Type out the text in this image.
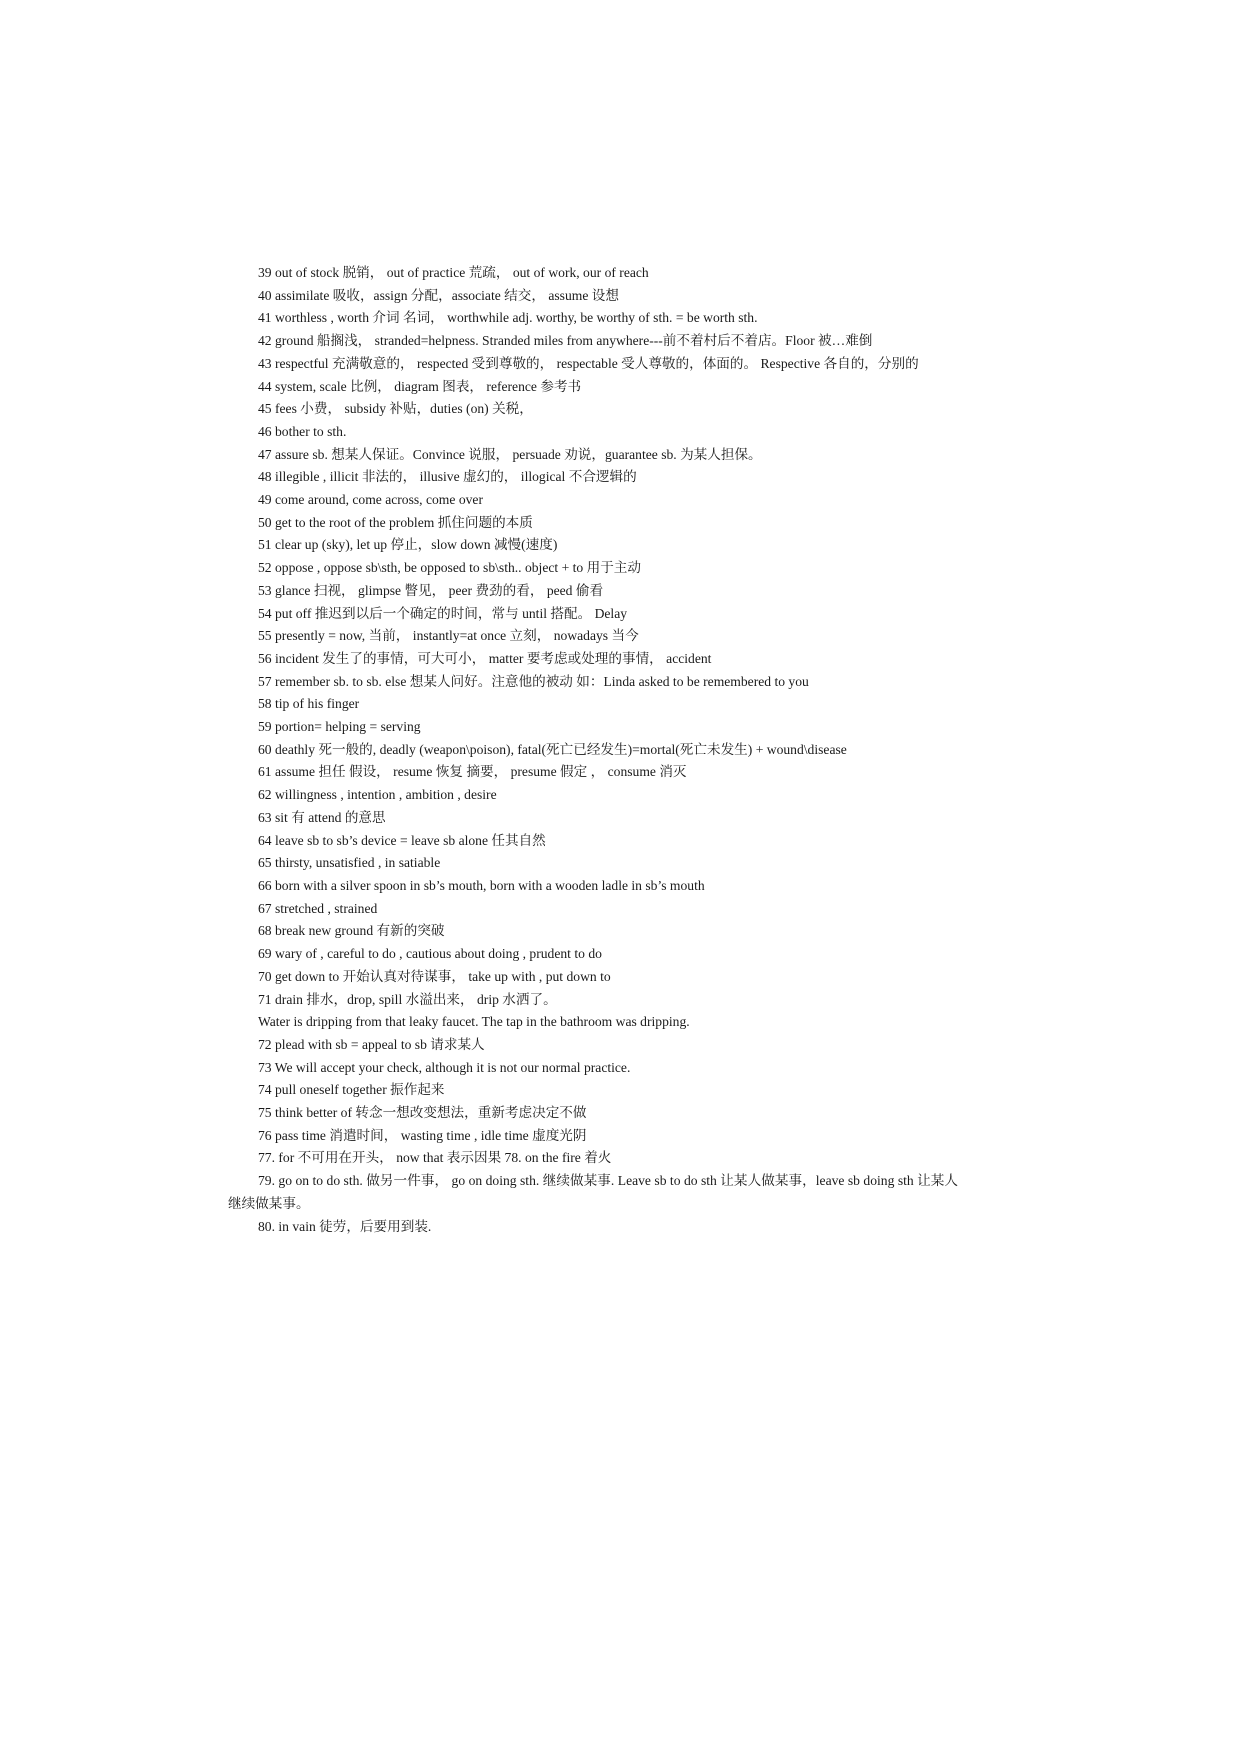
39 out of stock 脱销， out of practice 荒疏， out of work, our of reach

40 assimilate 吸收，assign 分配，associate 结交， assume 设想

41 worthless , worth 介词 名词， worthwhile adj. worthy, be worthy of sth. = be worth sth.

42 ground 船搁浅， stranded=helpness. Stranded miles from anywhere---前不着村后不着店。Floor 被…难倒

43 respectful 充满敬意的， respected 受到尊敬的， respectable 受人尊敬的，体面的。 Respective 各自的，分别的

44 system, scale 比例， diagram 图表， reference 参考书

45 fees 小费， subsidy 补贴，duties (on) 关税，

46 bother to sth.

47 assure sb. 想某人保证。Convince 说服， persuade 劝说，guarantee sb. 为某人担保。

48 illegible , illicit 非法的， illusive 虚幻的， illogical 不合逻辑的

49 come around, come across, come over

50 get to the root of the problem 抓住问题的本质

51 clear up (sky), let up 停止，slow down 减慢(速度)

52 oppose , oppose sb\sth, be opposed to sb\sth.. object + to 用于主动

53 glance 扫视， glimpse 瞥见， peer 费劲的看， peed 偷看

54 put off 推迟到以后一个确定的时间，常与 until 搭配。 Delay

55 presently = now, 当前， instantly=at once 立刻， nowadays 当今

56 incident 发生了的事情，可大可小， matter 要考虑或处理的事情， accident

57 remember sb. to sb. else 想某人问好。注意他的被动 如：Linda asked to be remembered to you

58 tip of his finger

59 portion= helping = serving

60 deathly 死一般的, deadly (weapon\poison), fatal(死亡已经发生)=mortal(死亡未发生) + wound\disease

61 assume 担任 假设， resume 恢复 摘要， presume 假定 ， consume 消灭

62 willingness , intention , ambition , desire

63 sit 有 attend 的意思

64 leave sb to sb’s device = leave sb alone 任其自然

65 thirsty, unsatisfied , in satiable

66 born with a silver spoon in sb’s mouth, born with a wooden ladle in sb’s mouth

67 stretched , strained

68 break new ground 有新的突破

69 wary of , careful to do , cautious about doing , prudent to do

70 get down to 开始认真对待谋事， take up with , put down to

71 drain 排水，drop, spill 水溢出来， drip 水洒了。

Water is dripping from that leaky faucet. The tap in the bathroom was dripping.

72 plead with sb = appeal to sb 请求某人

73 We will accept your check, although it is not our normal practice.

74 pull oneself together 振作起来

75 think better of 转念一想改变想法，重新考虑决定不做

76 pass time 消遣时间， wasting time , idle time 虚度光阴

77. for 不可用在开头， now that 表示因果 78. on the fire 着火

79. go on to do sth. 做另一件事， go on doing sth. 继续做某事. Leave sb to do sth 让某人做某事，leave sb doing sth 让某人继续做某事。

80. in vain 徒劳，后要用到装.
